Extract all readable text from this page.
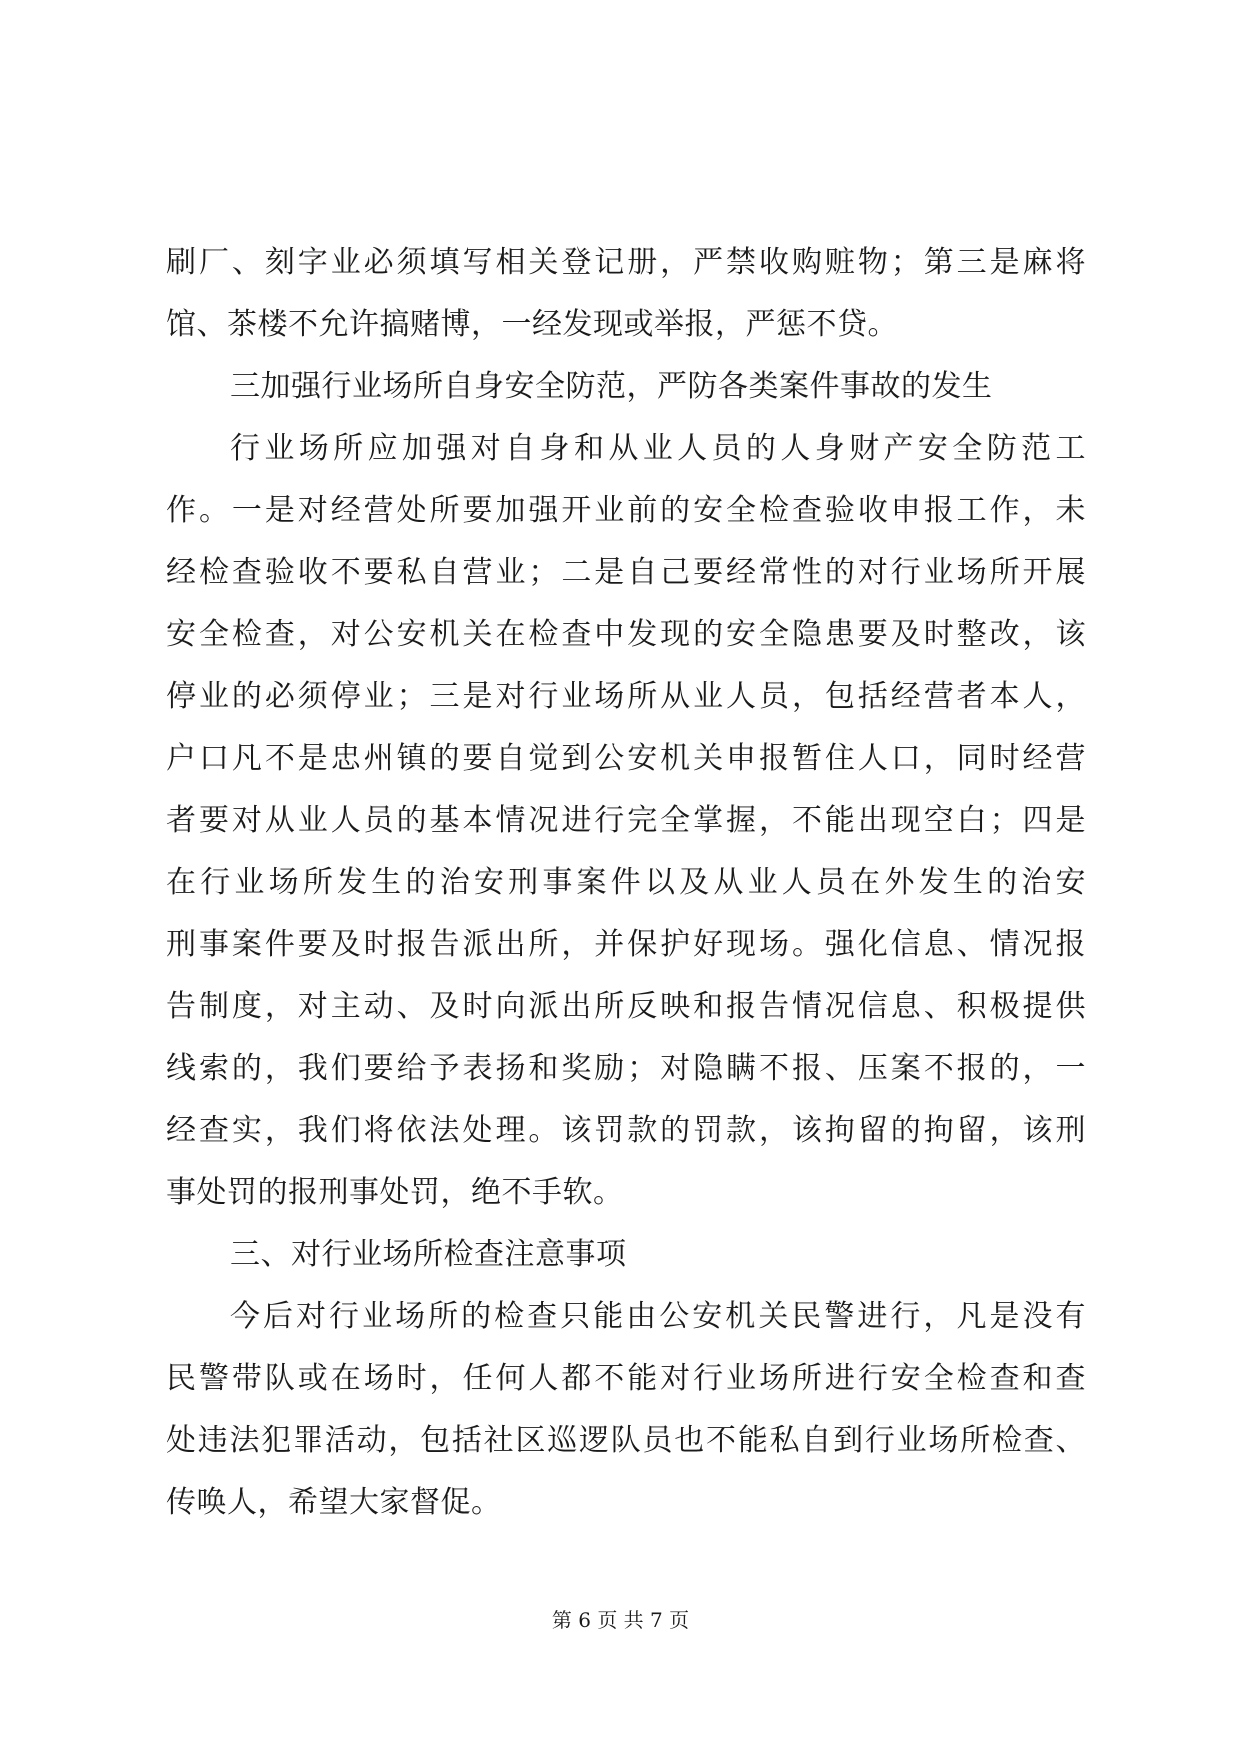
刷厂、刻字业必须填写相关登记册，严禁收购赃物；第三是麻将
馆、茶楼不允许搞赌博，一经发现或举报，严惩不贷。
三加强行业场所自身安全防范，严防各类案件事故的发生
行业场所应加强对自身和从业人员的人身财产安全防范工
作。一是对经营处所要加强开业前的安全检查验收申报工作，未
经检查验收不要私自营业；二是自己要经常性的对行业场所开展
安全检查，对公安机关在检查中发现的安全隐患要及时整改，该
停业的必须停业；三是对行业场所从业人员，包括经营者本人，
户口凡不是忠州镇的要自觉到公安机关申报暂住人口，同时经营
者要对从业人员的基本情况进行完全掌握，不能出现空白；四是
在行业场所发生的治安刑事案件以及从业人员在外发生的治安
刑事案件要及时报告派出所，并保护好现场。强化信息、情况报
告制度，对主动、及时向派出所反映和报告情况信息、积极提供
线索的，我们要给予表扬和奖励；对隐瞒不报、压案不报的，一
经查实，我们将依法处理。该罚款的罚款，该拘留的拘留，该刑
事处罚的报刑事处罚，绝不手软。
三、对行业场所检查注意事项
今后对行业场所的检查只能由公安机关民警进行，凡是没有
民警带队或在场时，任何人都不能对行业场所进行安全检查和查
处违法犯罪活动，包括社区巡逻队员也不能私自到行业场所检查、
传唤人，希望大家督促。
第 6 页 共 7 页
